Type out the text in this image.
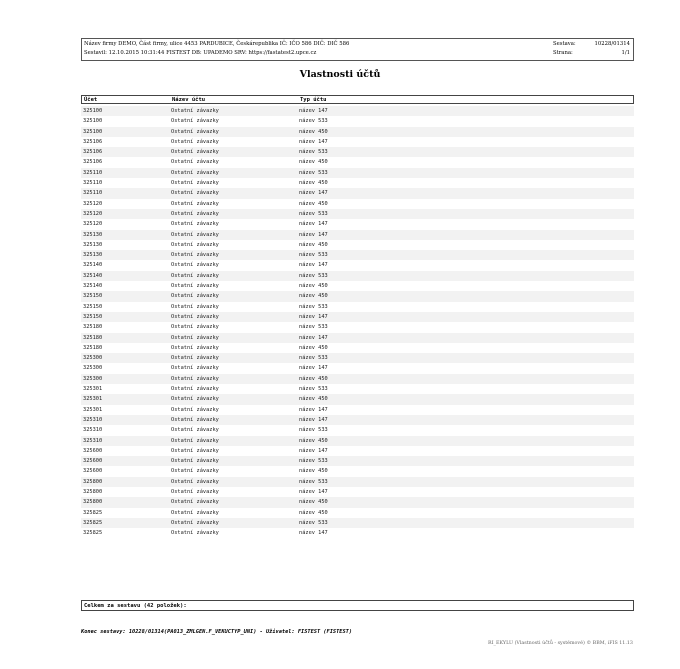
Název firmy DEMO, Část firmy, ulice 4453 PARDUBICE, Českárepublika IČ: IČO 586 DIČ: DIČ 586
Sestavil: 12.10.2015 10:31:44 FISTEST DB: UPADEMO SRV: https://fastatest2.upce.cz
Sestava:	10228/01314
Strana:	1/1
Vlastnosti účtů
Účet	Název účtu	Typ účtu
325100	Ostatní závazky	název 147
325100	Ostatní závazky	název 533
325100	Ostatní závazky	název 450
325106	Ostatní závazky	název 147
325106	Ostatní závazky	název 533
325106	Ostatní závazky	název 450
325110	Ostatní závazky	název 533
325110	Ostatní závazky	název 450
325110	Ostatní závazky	název 147
325120	Ostatní závazky	název 450
325120	Ostatní závazky	název 533
325120	Ostatní závazky	název 147
325130	Ostatní závazky	název 147
325130	Ostatní závazky	název 450
325130	Ostatní závazky	název 533
325140	Ostatní závazky	název 147
325140	Ostatní závazky	název 533
325140	Ostatní závazky	název 450
325150	Ostatní závazky	název 450
325150	Ostatní závazky	název 533
325150	Ostatní závazky	název 147
325180	Ostatní závazky	název 533
325180	Ostatní závazky	název 147
325180	Ostatní závazky	název 450
325300	Ostatní závazky	název 533
325300	Ostatní závazky	název 147
325300	Ostatní závazky	název 450
325301	Ostatní závazky	název 533
325301	Ostatní závazky	název 450
325301	Ostatní závazky	název 147
325310	Ostatní závazky	název 147
325310	Ostatní závazky	název 533
325310	Ostatní závazky	název 450
325600	Ostatní závazky	název 147
325600	Ostatní závazky	název 533
325600	Ostatní závazky	název 450
325800	Ostatní závazky	název 533
325800	Ostatní závazky	název 147
325800	Ostatní závazky	název 450
325825	Ostatní závazky	název 450
325825	Ostatní závazky	název 533
325825	Ostatní závazky	název 147
Celkem za sestavu (42 položek):
Konec sestavy: 10228/01314(PA013_ZMLGEN.F_VEKUCTYP_UNI) - Uživatel: FISTEST (FISTEST)
RI_EKYLU (Vlastnosti účtů - systémové) © BBM, iFIS 11.13
